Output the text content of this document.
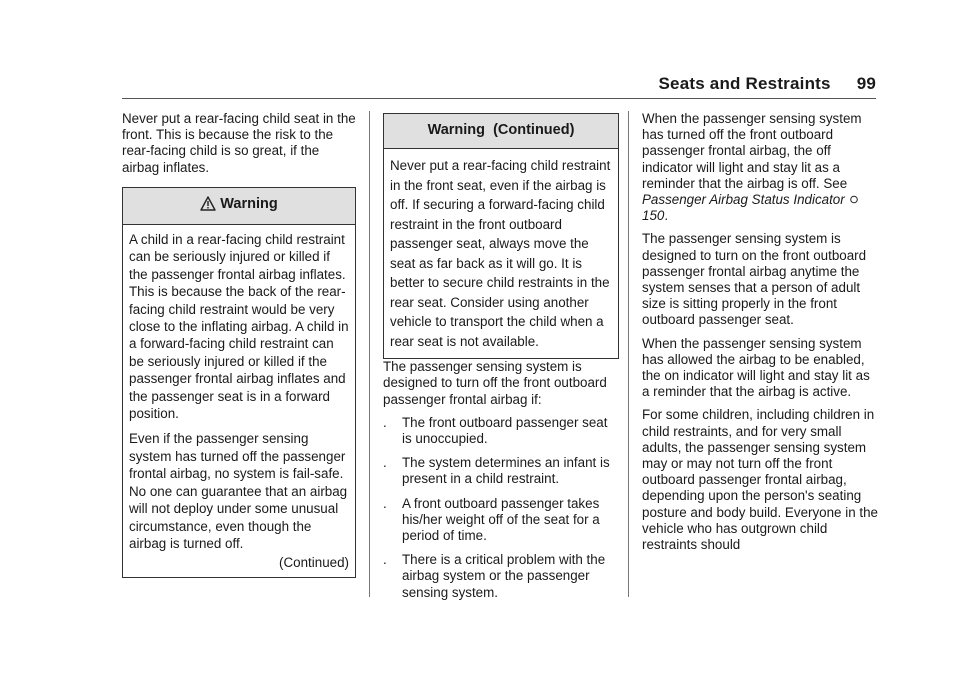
Seats and Restraints 99

Never put a rear-facing child seat in the front. This is because the risk to the rear-facing child is so great, if the airbag inflates.

Warning

A child in a rear-facing child restraint can be seriously injured or killed if the passenger frontal airbag inflates. This is because the back of the rear-facing child restraint would be very close to the inflating airbag. A child in a forward-facing child restraint can be seriously injured or killed if the passenger frontal airbag inflates and the passenger seat is in a forward position.

Even if the passenger sensing system has turned off the passenger frontal airbag, no system is fail-safe. No one can guarantee that an airbag will not deploy under some unusual circumstance, even though the airbag is turned off.

(Continued)
Warning  (Continued)

Never put a rear-facing child restraint in the front seat, even if the airbag is off. If securing a forward-facing child restraint in the front outboard passenger seat, always move the seat as far back as it will go. It is better to secure child restraints in the rear seat. Consider using another vehicle to transport the child when a rear seat is not available.

The passenger sensing system is designed to turn off the front outboard passenger frontal airbag if:

. The front outboard passenger seat is unoccupied.
. The system determines an infant is present in a child restraint.
. A front outboard passenger takes his/her weight off of the seat for a period of time.
. There is a critical problem with the airbag system or the passenger sensing system.

When the passenger sensing system has turned off the front outboard passenger frontal airbag, the off indicator will light and stay lit as a reminder that the airbag is off. See Passenger Airbag Status Indicator 150.

The passenger sensing system is designed to turn on the front outboard passenger frontal airbag anytime the system senses that a person of adult size is sitting properly in the front outboard passenger seat.

When the passenger sensing system has allowed the airbag to be enabled, the on indicator will light and stay lit as a reminder that the airbag is active.

For some children, including children in child restraints, and for very small adults, the passenger sensing system may or may not turn off the front outboard passenger frontal airbag, depending upon the person's seating posture and body build. Everyone in the vehicle who has outgrown child restraints should
